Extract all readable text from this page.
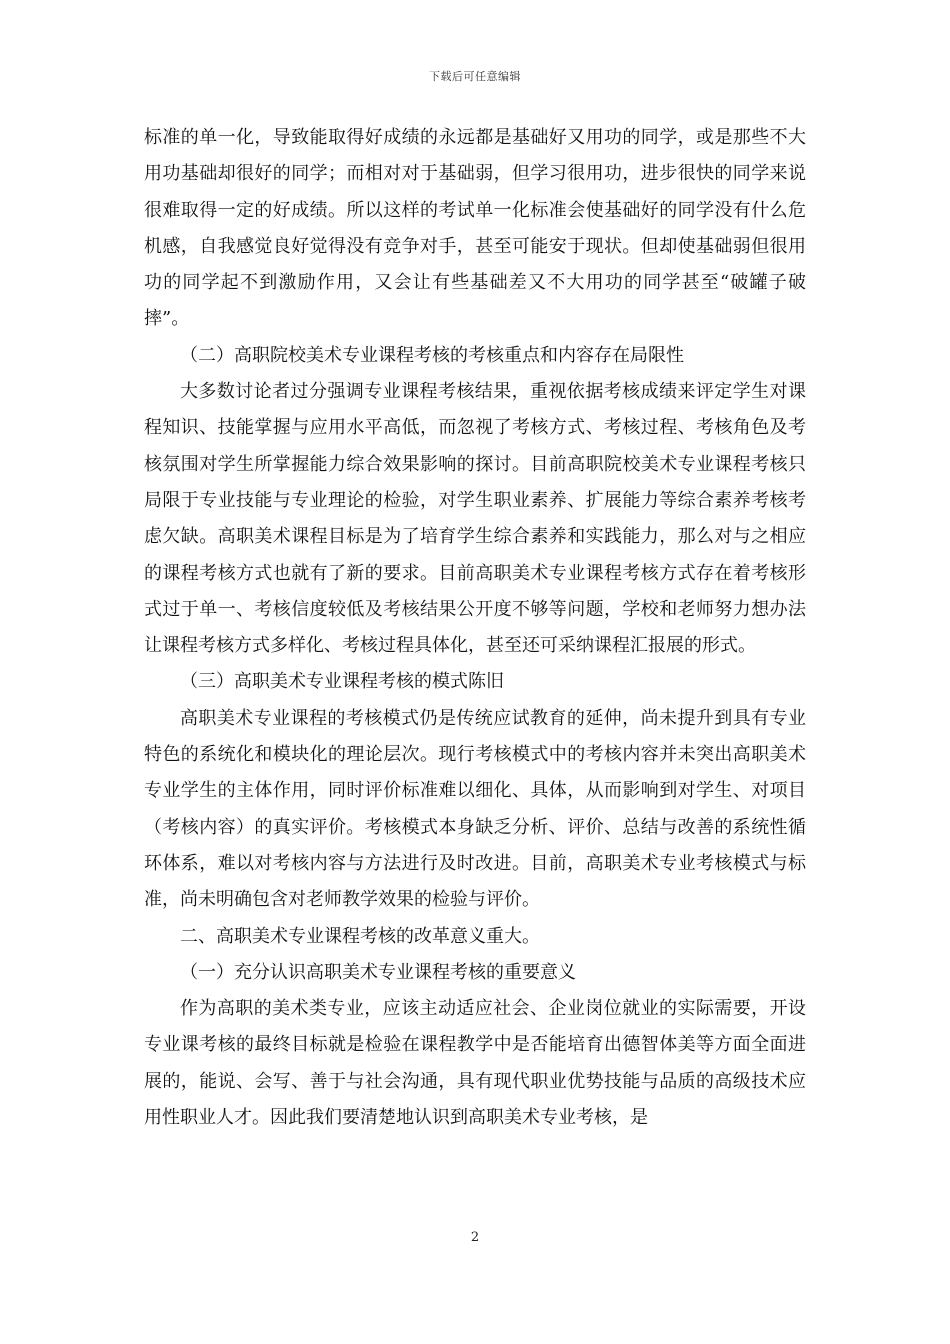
下载后可任意编辑

标准的单一化，导致能取得好成绩的永远都是基础好又用功的同学，或是那些不大用功基础却很好的同学；而相对对于基础弱，但学习很用功，进步很快的同学来说很难取得一定的好成绩。所以这样的考试单一化标准会使基础好的同学没有什么危机感，自我感觉良好觉得没有竞争对手，甚至可能安于现状。但却使基础弱但很用功的同学起不到激励作用，又会让有些基础差又不大用功的同学甚至“破罐子破摔”。

（二）高职院校美术专业课程考核的考核重点和内容存在局限性

大多数讨论者过分强调专业课程考核结果，重视依据考核成绩来评定学生对课程知识、技能掌握与应用水平高低，而忽视了考核方式、考核过程、考核角色及考核氛围对学生所掌握能力综合效果影响的探讨。目前高职院校美术专业课程考核只局限于专业技能与专业理论的检验，对学生职业素养、扩展能力等综合素养考核考虑欠缺。高职美术课程目标是为了培育学生综合素养和实践能力，那么对与之相应的课程考核方式也就有了新的要求。目前高职美术专业课程考核方式存在着考核形式过于单一、考核信度较低及考核结果公开度不够等问题，学校和老师努力想办法让课程考核方式多样化、考核过程具体化，甚至还可采纳课程汇报展的形式。

（三）高职美术专业课程考核的模式陈旧

高职美术专业课程的考核模式仍是传统应试教育的延伸，尚未提升到具有专业特色的系统化和模块化的理论层次。现行考核模式中的考核内容并未突出高职美术专业学生的主体作用，同时评价标准难以细化、具体，从而影响到对学生、对项目（考核内容）的真实评价。考核模式本身缺乏分析、评价、总结与改善的系统性循环体系，难以对考核内容与方法进行及时改进。目前，高职美术专业考核模式与标准，尚未明确包含对老师教学效果的检验与评价。

二、高职美术专业课程考核的改革意义重大。

（一）充分认识高职美术专业课程考核的重要意义

作为高职的美术类专业，应该主动适应社会、企业岗位就业的实际需要，开设专业课考核的最终目标就是检验在课程教学中是否能培育出德智体美等方面全面进展的，能说、会写、善于与社会沟通，具有现代职业优势技能与品质的高级技术应用性职业人才。因此我们要清楚地认识到高职美术专业考核，是

2
